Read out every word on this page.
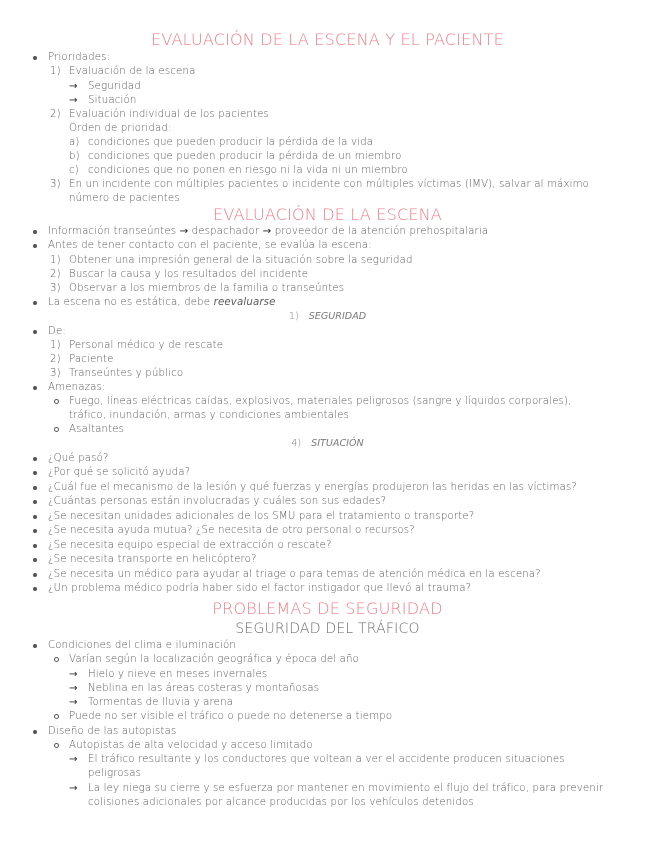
EVALUACIÓN DE LA ESCENA Y EL PACIENTE
Prioridades:
1) Evaluación de la escena
→ Seguridad
→ Situación
2) Evaluación individual de los pacientes
Orden de prioridad:
a) condiciones que pueden producir la pérdida de la vida
b) condiciones que pueden producir la pérdida de un miembro
c) condiciones que no ponen en riesgo ni la vida ni un miembro
3) En un incidente con múltiples pacientes o incidente con múltiples víctimas (IMV), salvar al máximo
número de pacientes
EVALUACIÓN DE LA ESCENA
Información transeúntes → despachador → proveedor de la atención prehospitalaria
Antes de tener contacto con el paciente, se evalúa la escena:
1) Obtener una impresión general de la situación sobre la seguridad
2) Buscar la causa y los resultados del incidente
3) Observar a los miembros de la familia o transeúntes
La escena no es estática, debe reevaluarse
1) SEGURIDAD
De:
1) Personal médico y de rescate
2) Paciente
3) Transeúntes y público
Amenazas:
Fuego, líneas eléctricas caídas, explosivos, materiales peligrosos (sangre y líquidos corporales),
tráfico, inundación, armas y condiciones ambientales
Asaltantes
4) SITUACIÓN
¿Qué pasó?
¿Por qué se solicitó ayuda?
¿Cuál fue el mecanismo de la lesión y qué fuerzas y energías produjeron las heridas en las víctimas?
¿Cuántas personas están involucradas y cuáles son sus edades?
¿Se necesitan unidades adicionales de los SMU para el tratamiento o transporte?
¿Se necesita ayuda mutua? ¿Se necesita de otro personal o recursos?
¿Se necesita equipo especial de extracción o rescate?
¿Se necesita transporte en helicóptero?
¿Se necesita un médico para ayudar al triage o para temas de atención médica en la escena?
¿Un problema médico podría haber sido el factor instigador que llevó al trauma?
PROBLEMAS DE SEGURIDAD
SEGURIDAD DEL TRÁFICO
Condiciones del clima e iluminación
Varían según la localización geográfica y época del año
→ Hielo y nieve en meses invernales
→ Neblina en las áreas costeras y montañosas
→ Tormentas de lluvia y arena
Puede no ser visible el tráfico o puede no detenerse a tiempo
Diseño de las autopistas
Autopistas de alta velocidad y acceso limitado
→ El tráfico resultante y los conductores que voltean a ver el accidente producen situaciones
peligrosas
→ La ley niega su cierre y se esfuerza por mantener en movimiento el flujo del tráfico, para prevenir
colisiones adicionales por alcance producidas por los vehículos detenidos
